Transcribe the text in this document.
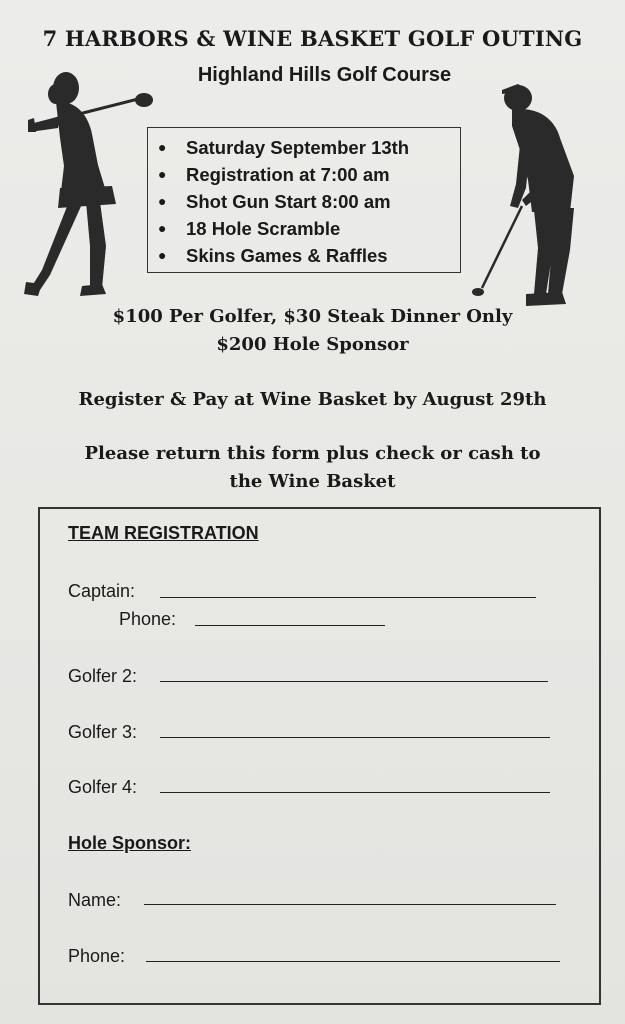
7 HARBORS & WINE BASKET GOLF OUTING
Highland Hills Golf Course
● Saturday September 13th
● Registration at 7:00 am
● Shot Gun Start 8:00 am
● 18 Hole Scramble
● Skins Games & Raffles
$100 Per Golfer, $30 Steak Dinner Only
$200 Hole Sponsor
Register & Pay at Wine Basket by August 29th
Please return this form plus check or cash to
the Wine Basket
TEAM REGISTRATION
Captain:
Phone:
Golfer 2:
Golfer 3:
Golfer 4:
Hole Sponsor:
Name:
Phone:
